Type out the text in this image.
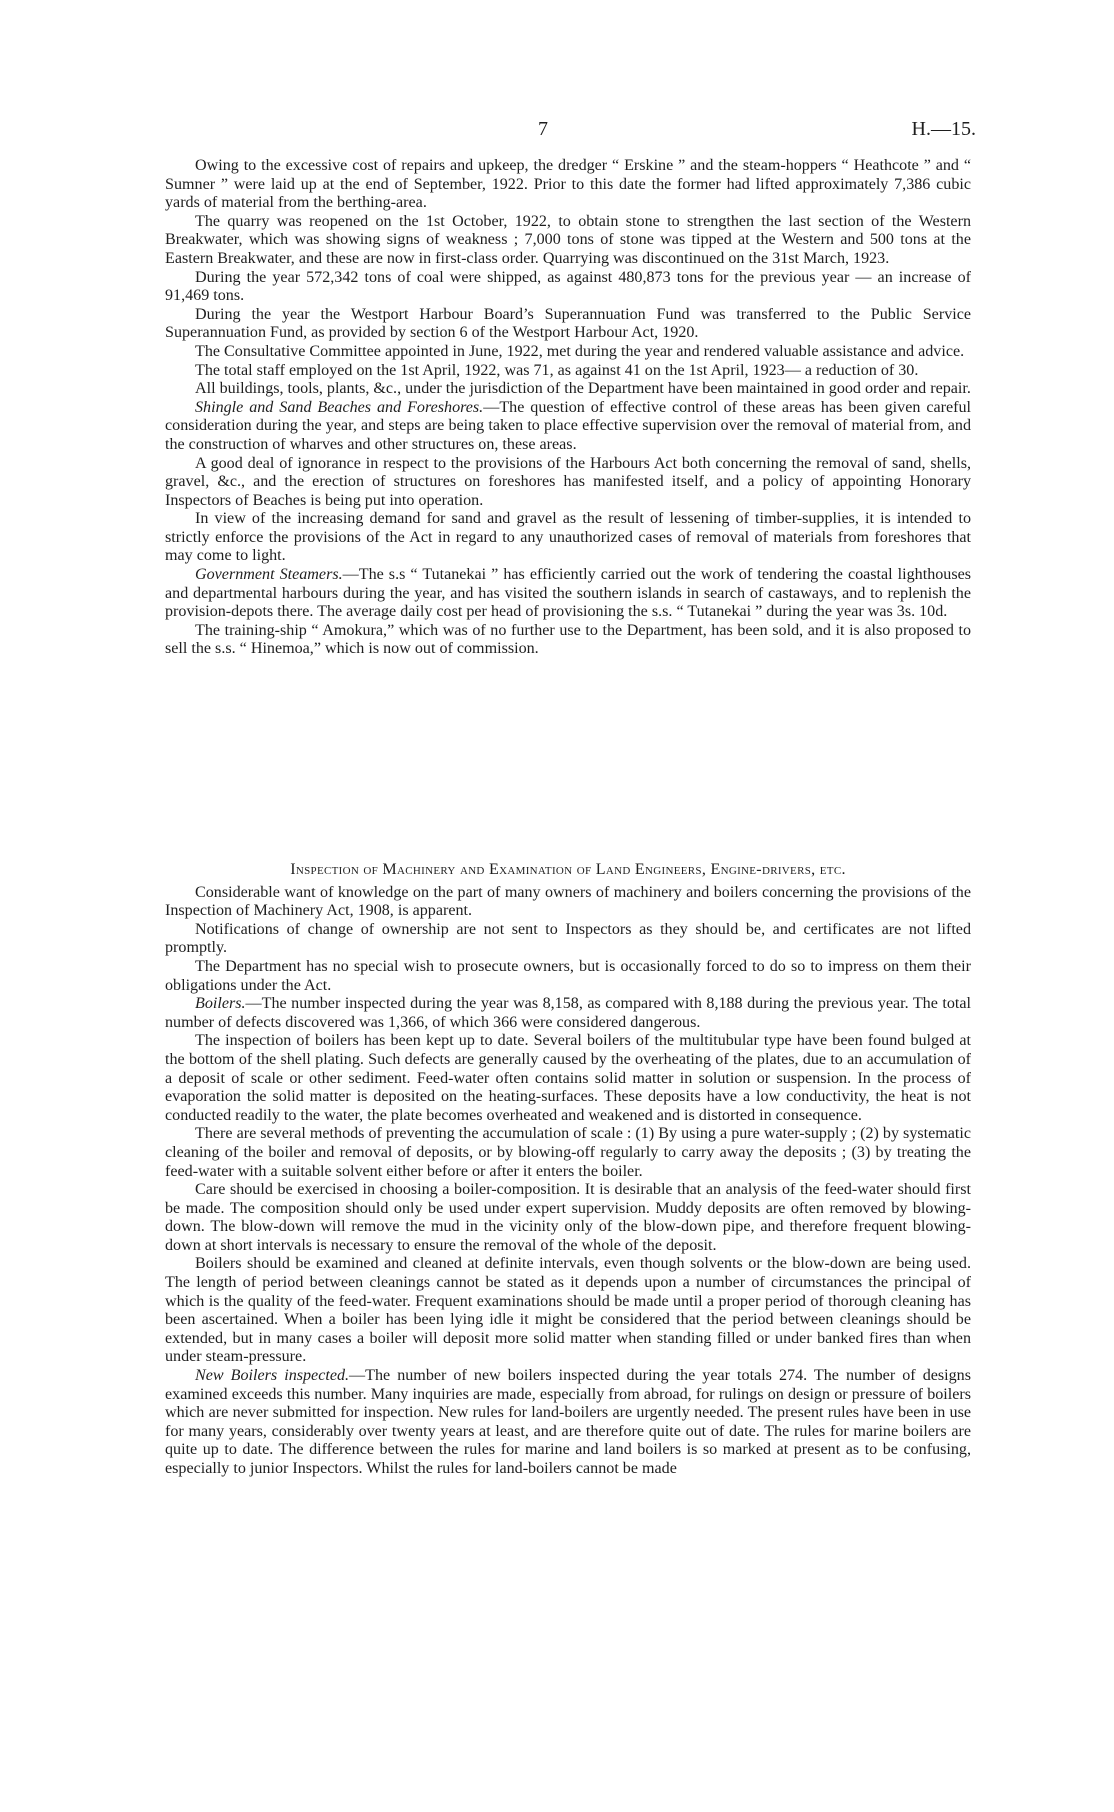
7	H.—15.

Owing to the excessive cost of repairs and upkeep, the dredger “ Erskine ” and the steam-hoppers “ Heathcote ” and “ Sumner ” were laid up at the end of September, 1922. Prior to this date the former had lifted approximately 7,386 cubic yards of material from the berthing-area.

The quarry was reopened on the 1st October, 1922, to obtain stone to strengthen the last section of the Western Breakwater, which was showing signs of weakness ; 7,000 tons of stone was tipped at the Western and 500 tons at the Eastern Breakwater, and these are now in first-class order. Quarrying was discontinued on the 31st March, 1923.

During the year 572,342 tons of coal were shipped, as against 480,873 tons for the previous year — an increase of 91,469 tons.

During the year the Westport Harbour Board’s Superannuation Fund was transferred to the Public Service Superannuation Fund, as provided by section 6 of the Westport Harbour Act, 1920.

The Consultative Committee appointed in June, 1922, met during the year and rendered valuable assistance and advice.

The total staff employed on the 1st April, 1922, was 71, as against 41 on the 1st April, 1923— a reduction of 30.

All buildings, tools, plants, &c., under the jurisdiction of the Department have been maintained in good order and repair.

Shingle and Sand Beaches and Foreshores.—The question of effective control of these areas has been given careful consideration during the year, and steps are being taken to place effective supervision over the removal of material from, and the construction of wharves and other structures on, these areas.

A good deal of ignorance in respect to the provisions of the Harbours Act both concerning the removal of sand, shells, gravel, &c., and the erection of structures on foreshores has manifested itself, and a policy of appointing Honorary Inspectors of Beaches is being put into operation.

In view of the increasing demand for sand and gravel as the result of lessening of timber-supplies, it is intended to strictly enforce the provisions of the Act in regard to any unauthorized cases of removal of materials from foreshores that may come to light.

Government Steamers.—The s.s “ Tutanekai ” has efficiently carried out the work of tendering the coastal lighthouses and departmental harbours during the year, and has visited the southern islands in search of castaways, and to replenish the provision-depots there. The average daily cost per head of provisioning the s.s. “ Tutanekai ” during the year was 3s. 10d.

The training-ship “ Amokura,” which was of no further use to the Department, has been sold, and it is also proposed to sell the s.s. “ Hinemoa,” which is now out of commission.

Inspection of Machinery and Examination of Land Engineers, Engine-drivers, etc.

Considerable want of knowledge on the part of many owners of machinery and boilers concerning the provisions of the Inspection of Machinery Act, 1908, is apparent.

Notifications of change of ownership are not sent to Inspectors as they should be, and certificates are not lifted promptly.

The Department has no special wish to prosecute owners, but is occasionally forced to do so to impress on them their obligations under the Act.

Boilers.—The number inspected during the year was 8,158, as compared with 8,188 during the previous year. The total number of defects discovered was 1,366, of which 366 were considered dangerous.

The inspection of boilers has been kept up to date. Several boilers of the multitubular type have been found bulged at the bottom of the shell plating. Such defects are generally caused by the overheating of the plates, due to an accumulation of a deposit of scale or other sediment. Feed-water often contains solid matter in solution or suspension. In the process of evaporation the solid matter is deposited on the heating-surfaces. These deposits have a low conductivity, the heat is not conducted readily to the water, the plate becomes overheated and weakened and is distorted in consequence.

There are several methods of preventing the accumulation of scale : (1) By using a pure water-supply ; (2) by systematic cleaning of the boiler and removal of deposits, or by blowing-off regularly to carry away the deposits ; (3) by treating the feed-water with a suitable solvent either before or after it enters the boiler.

Care should be exercised in choosing a boiler-composition. It is desirable that an analysis of the feed-water should first be made. The composition should only be used under expert supervision. Muddy deposits are often removed by blowing-down. The blow-down will remove the mud in the vicinity only of the blow-down pipe, and therefore frequent blowing-down at short intervals is necessary to ensure the removal of the whole of the deposit.

Boilers should be examined and cleaned at definite intervals, even though solvents or the blow-down are being used. The length of period between cleanings cannot be stated as it depends upon a number of circumstances the principal of which is the quality of the feed-water. Frequent examinations should be made until a proper period of thorough cleaning has been ascertained. When a boiler has been lying idle it might be considered that the period between cleanings should be extended, but in many cases a boiler will deposit more solid matter when standing filled or under banked fires than when under steam-pressure.

New Boilers inspected.—The number of new boilers inspected during the year totals 274. The number of designs examined exceeds this number. Many inquiries are made, especially from abroad, for rulings on design or pressure of boilers which are never submitted for inspection. New rules for land-boilers are urgently needed. The present rules have been in use for many years, considerably over twenty years at least, and are therefore quite out of date. The rules for marine boilers are quite up to date. The difference between the rules for marine and land boilers is so marked at present as to be confusing, especially to junior Inspectors. Whilst the rules for land-boilers cannot be made
